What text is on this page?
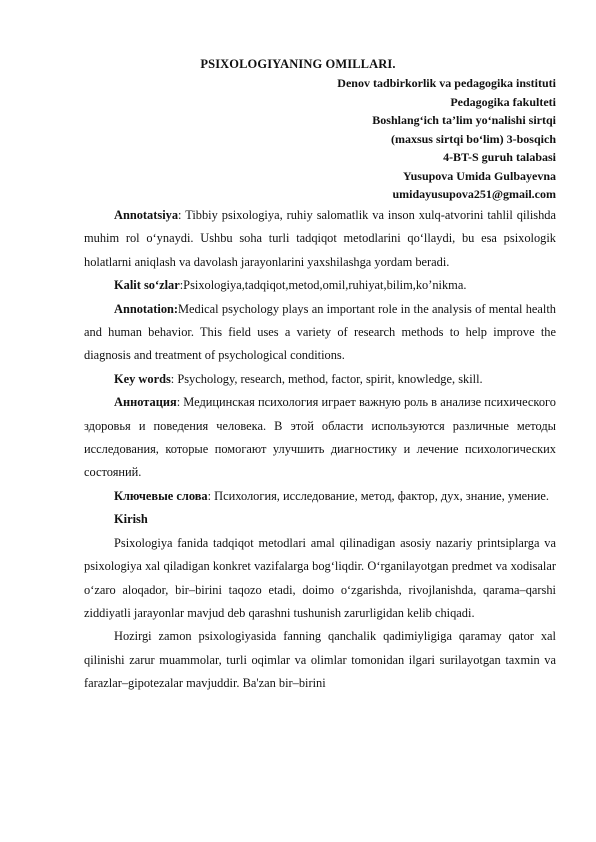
PSIXOLOGIYANING OMILLARI.
Denov tadbirkorlik va pedagogika instituti
Pedagogika fakulteti
Boshlang‘ich ta’lim yo‘nalishi sirtqi
(maxsus sirtqi bo‘lim) 3-bosqich
4-BT-S guruh talabasi
Yusupova Umida Gulbayevna
umidayusupova251@gmail.com

Annotatsiya: Tibbiy psixologiya, ruhiy salomatlik va inson xulq-atvorini tahlil qilishda muhim rol o‘ynaydi. Ushbu soha turli tadqiqot metodlarini qo‘llaydi, bu esa psixologik holatlarni aniqlash va davolash jarayonlarini yaxshilashga yordam beradi.

Kalit so‘zlar:Psixologiya,tadqiqot,metod,omil,ruhiyat,bilim,ko’nikma.

Annotation:Medical psychology plays an important role in the analysis of mental health and human behavior. This field uses a variety of research methods to help improve the diagnosis and treatment of psychological conditions.

Key words: Psychology, research, method, factor, spirit, knowledge, skill.

Аннотация: Медицинская психология играет важную роль в анализе психического здоровья и поведения человека. В этой области используются различные методы исследования, которые помогают улучшить диагностику и лечение психологических состояний.

Ключевые слова: Психология, исследование, метод, фактор, дух, знание, умение.

Kirish

Psixologiya fanida tadqiqot metodlari amal qilinadigan asosiy nazariy printsiplarga va psixologiya xal qiladigan konkret vazifalarga bog‘liqdir. O‘rganilayotgan predmet va xodisalar o‘zaro aloqador, bir–birini taqozo etadi, doimo o‘zgarishda, rivojlanishda, qarama–qarshi ziddiyatli jarayonlar mavjud deb qarashni tushunish zarurligidan kelib chiqadi.

Hozirgi zamon psixologiyasida fanning qanchalik qadimiyligiga qaramay qator xal qilinishi zarur muammolar, turli oqimlar va olimlar tomonidan ilgari surilayotgan taxmin va farazlar–gipotezalar mavjuddir. Ba'zan bir–birini
